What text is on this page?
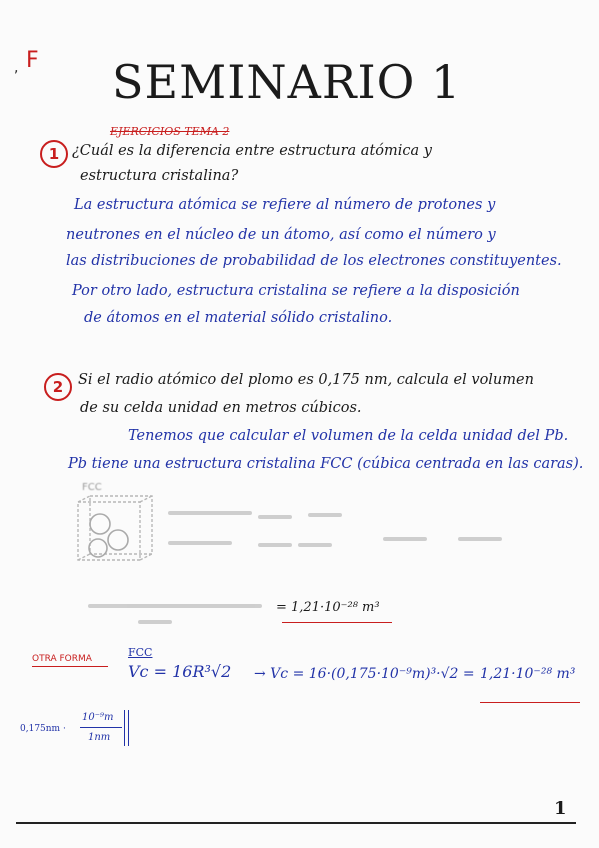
F
, SEMINARIO 1
EJERCICIOS TEMA 2
1 ¿Cuál es la diferencia entre estructura atómica y
estructura cristalina?
La estructura atómica se refiere al número de protones y
neutrones en el núcleo de un átomo, así como el número y
las distribuciones de probabilidad de los electrones constituyentes.
Por otro lado, estructura cristalina se refiere a la disposición
de átomos en el material sólido cristalino.
2	Si el radio atómico del plomo es 0,175 nm, calcula el volumen
de su celda unidad en metros cúbicos.
Tenemos que calcular el volumen de la celda unidad del Pb.
Pb tiene una estructura cristalina FCC (cúbica centrada en las caras).
FCC
= 1,21·10⁻²⁸ m³
OTRA FORMA	FCC
Vc = 16R³√2 → Vc = 16·(0,175·10⁻⁹m)³·√2 = 1,21·10⁻²⁸ m³
0,175nm ·
10⁻⁹m
1nm
1
